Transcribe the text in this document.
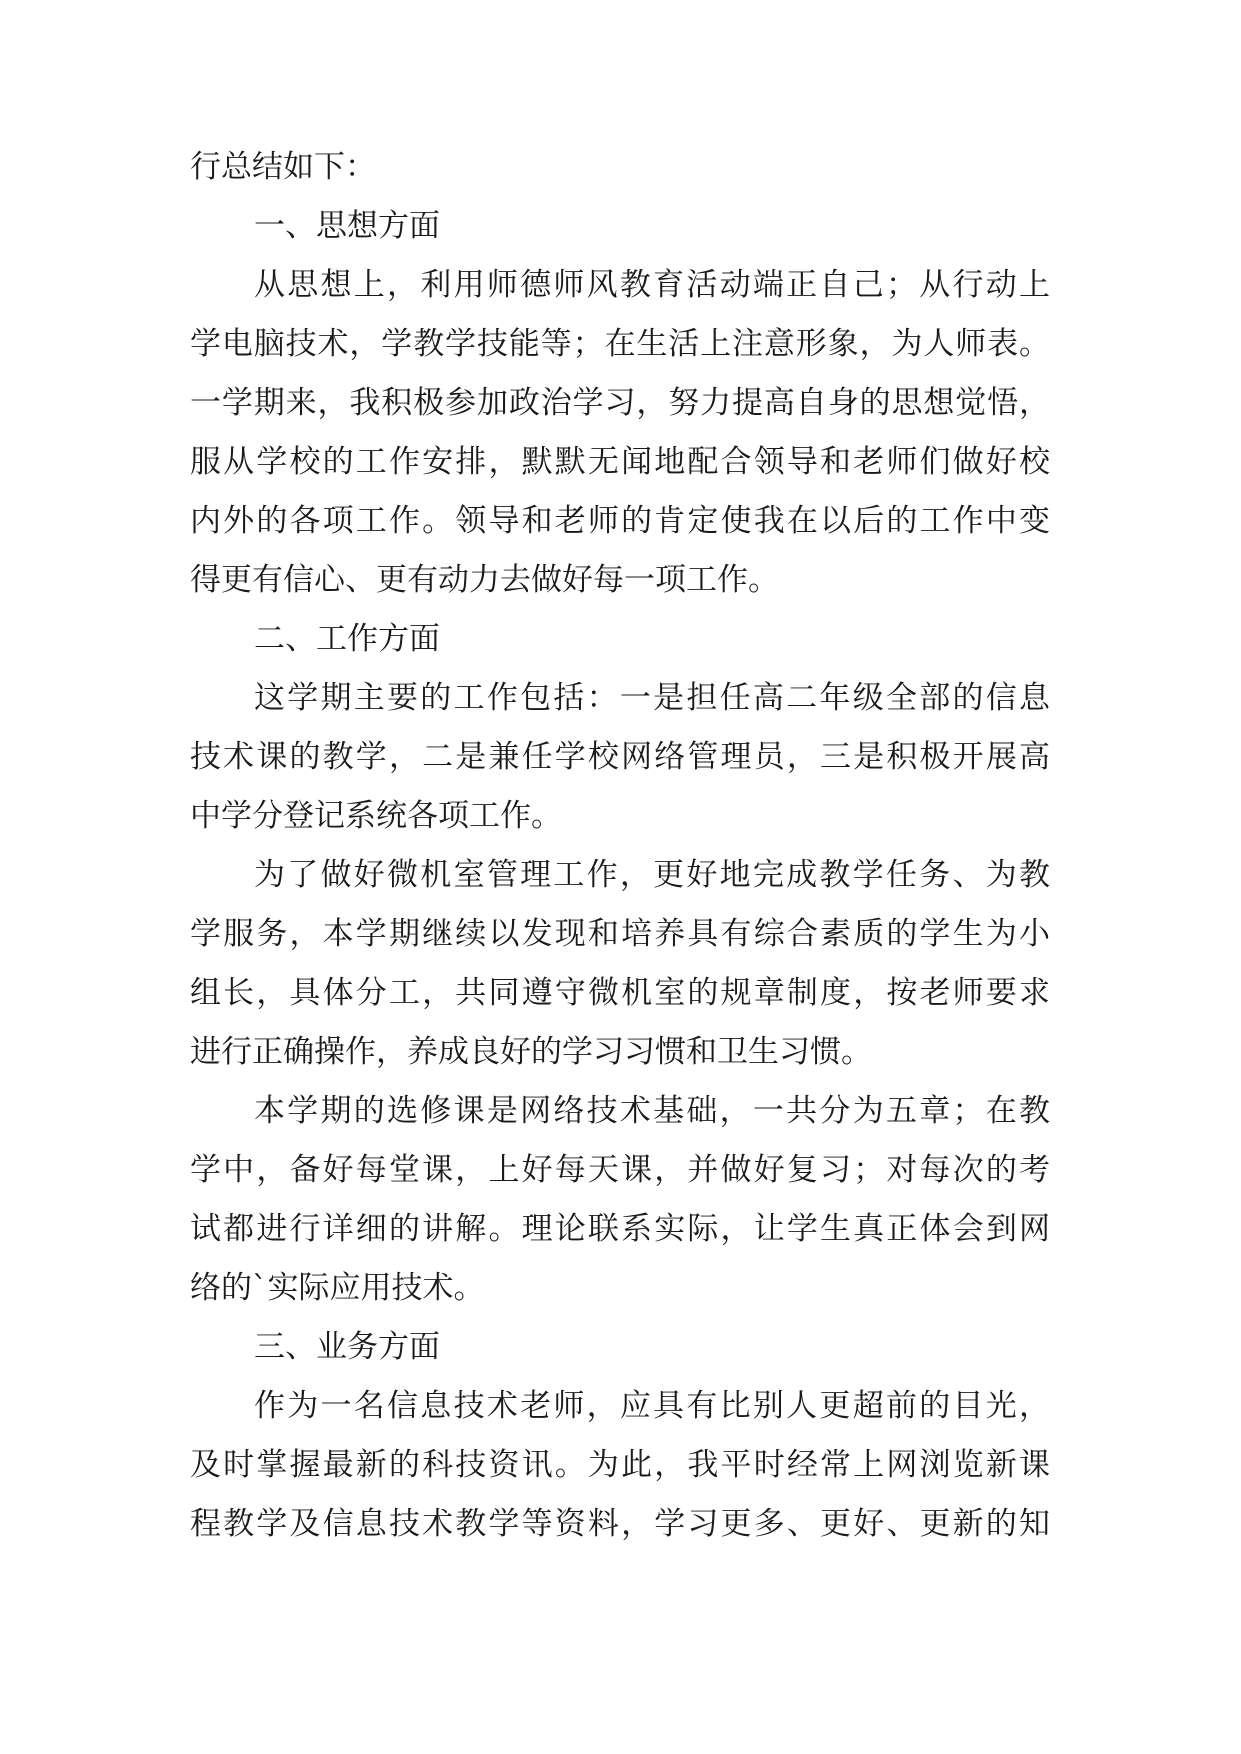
行总结如下：
一、思想方面
从思想上，利用师德师风教育活动端正自己；从行动上
学电脑技术，学教学技能等；在生活上注意形象，为人师表。
一学期来，我积极参加政治学习，努力提高自身的思想觉悟，
服从学校的工作安排，默默无闻地配合领导和老师们做好校
内外的各项工作。领导和老师的肯定使我在以后的工作中变
得更有信心、更有动力去做好每一项工作。
二、工作方面
这学期主要的工作包括：一是担任高二年级全部的信息
技术课的教学，二是兼任学校网络管理员，三是积极开展高
中学分登记系统各项工作。
为了做好微机室管理工作，更好地完成教学任务、为教
学服务，本学期继续以发现和培养具有综合素质的学生为小
组长，具体分工，共同遵守微机室的规章制度，按老师要求
进行正确操作，养成良好的学习习惯和卫生习惯。
本学期的选修课是网络技术基础，一共分为五章；在教
学中，备好每堂课，上好每天课，并做好复习；对每次的考
试都进行详细的讲解。理论联系实际，让学生真正体会到网
络的`实际应用技术。
三、业务方面
作为一名信息技术老师，应具有比别人更超前的目光，
及时掌握最新的科技资讯。为此，我平时经常上网浏览新课
程教学及信息技术教学等资料，学习更多、更好、更新的知
